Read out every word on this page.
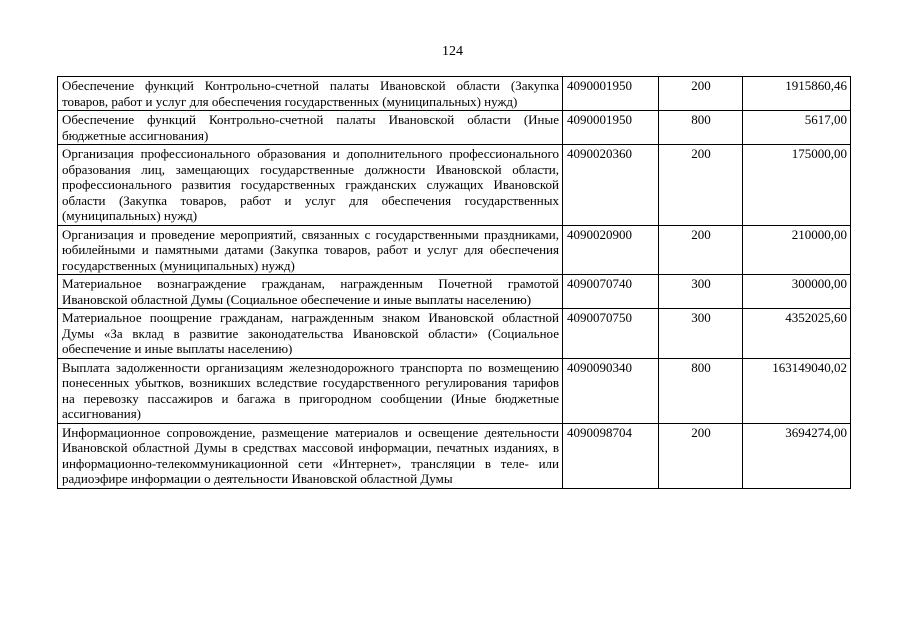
124
Обеспечение функций Контрольно-счетной палаты Ивановской области (Закупка товаров, работ и услуг для обеспечения государственных (муниципальных) нужд)	4090001950	200	1915860,46
Обеспечение функций Контрольно-счетной палаты Ивановской области (Иные бюджетные ассигнования)	4090001950	800	5617,00
Организация профессионального образования и дополнительного профессионального образования лиц, замещающих государственные должности Ивановской области, профессионального развития государственных гражданских служащих Ивановской области (Закупка товаров, работ и услуг для обеспечения государственных (муниципальных) нужд)	4090020360	200	175000,00
Организация и проведение мероприятий, связанных с государственными праздниками, юбилейными и памятными датами (Закупка товаров, работ и услуг для обеспечения государственных (муниципальных) нужд)	4090020900	200	210000,00
Материальное вознаграждение гражданам, награжденным Почетной грамотой Ивановской областной Думы (Социальное обеспечение и иные выплаты населению)	4090070740	300	300000,00
Материальное поощрение гражданам, награжденным знаком Ивановской областной Думы «За вклад в развитие законодательства Ивановской области» (Социальное обеспечение и иные выплаты населению)	4090070750	300	4352025,60
Выплата задолженности организациям железнодорожного транспорта по возмещению понесенных убытков, возникших вследствие государственного регулирования тарифов на перевозку пассажиров и багажа в пригородном сообщении (Иные бюджетные ассигнования)	4090090340	800	163149040,02

Информационное сопровождение, размещение материалов и освещение деятельности Ивановской областной Думы в средствах массовой информации, печатных изданиях, в информационно-телекоммуникационной сети «Интернет», трансляции в теле- или радиоэфире информации о деятельности Ивановской областной Думы	4090098704	200	3694274,00
